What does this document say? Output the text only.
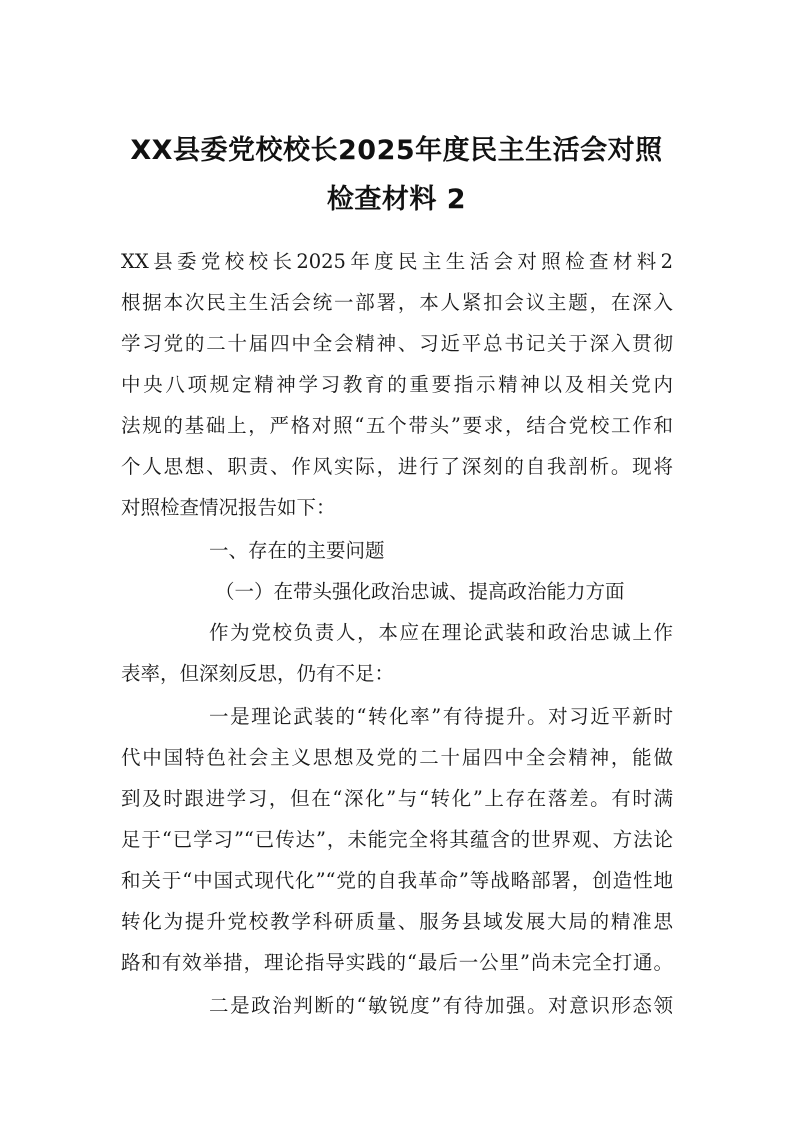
XX县委党校校长2025年度民主生活会对照
检查材料 2
XX县委党校校长2025年度民主生活会对照检查材料2
根据本次民主生活会统一部署，本人紧扣会议主题，在深入
学习党的二十届四中全会精神、习近平总书记关于深入贯彻
中央八项规定精神学习教育的重要指示精神以及相关党内
法规的基础上，严格对照“五个带头”要求，结合党校工作和
个人思想、职责、作风实际，进行了深刻的自我剖析。现将
对照检查情况报告如下：
一、存在的主要问题
（一）在带头强化政治忠诚、提高政治能力方面
作为党校负责人，本应在理论武装和政治忠诚上作
表率，但深刻反思，仍有不足：
一是理论武装的“转化率”有待提升。对习近平新时
代中国特色社会主义思想及党的二十届四中全会精神，能做
到及时跟进学习，但在“深化”与“转化”上存在落差。有时满
足于“已学习”“已传达”，未能完全将其蕴含的世界观、方法论
和关于“中国式现代化”“党的自我革命”等战略部署，创造性地
转化为提升党校教学科研质量、服务县域发展大局的精准思
路和有效举措，理论指导实践的“最后一公里”尚未完全打通。
二是政治判断的“敏锐度”有待加强。对意识形态领
